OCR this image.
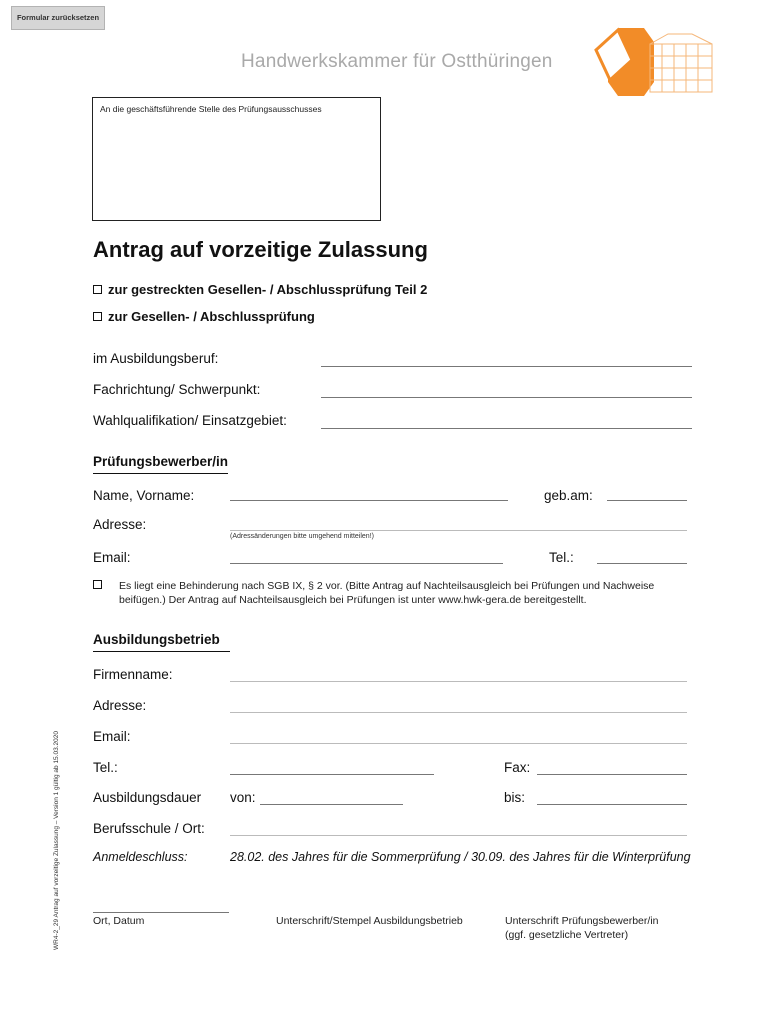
Formular zurücksetzen
Handwerkskammer für Ostthüringen
An die geschäftsführende Stelle des Prüfungsausschusses
Antrag auf vorzeitige Zulassung
zur gestreckten Gesellen- / Abschlussprüfung Teil 2
zur Gesellen- / Abschlussprüfung
im Ausbildungsberuf:
Fachrichtung/ Schwerpunkt:
Wahlqualifikation/ Einsatzgebiet:
Prüfungsbewerber/in
Name, Vorname:	geb.am:
Adresse:
(Adressänderungen bitte umgehend mitteilen!)
Email:	Tel.:
Es liegt eine Behinderung nach SGB IX, § 2 vor. (Bitte Antrag auf Nachteilsausgleich bei Prüfungen und Nachweise beifügen.) Der Antrag auf Nachteilsausgleich bei Prüfungen ist unter www.hwk-gera.de bereitgestellt.
Ausbildungsbetrieb
Firmenname:
Adresse:
Email:
Tel.:	Fax:
Ausbildungsdauer von:	bis:
Berufsschule / Ort:
Anmeldeschluss:	28.02. des Jahres für die Sommerprüfung / 30.09. des Jahres für die Winterprüfung
Ort, Datum	Unterschrift/Stempel Ausbildungsbetrieb	Unterschrift Prüfungsbewerber/in
(ggf. gesetzliche Vertreter)
WR4-2_29 Antrag auf vorzeitige Zulassung – Version 1 gültig ab 15.03.2020
